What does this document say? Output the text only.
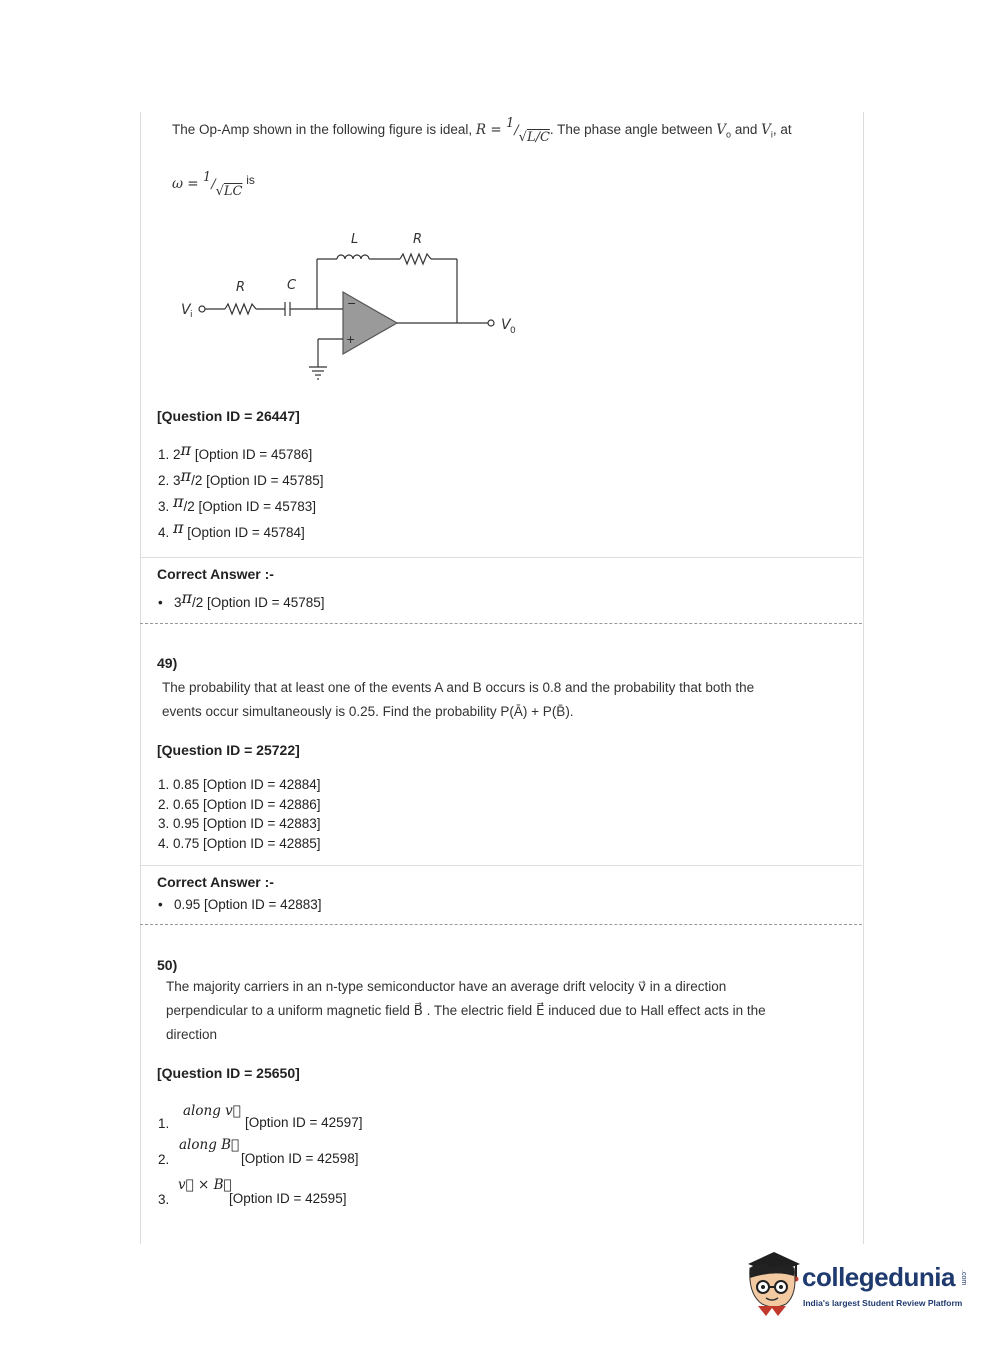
The Op-Amp shown in the following figure is ideal, R = 1/√L/C. The phase angle between $V_o$ and $V_i$, at
ω = 1/√LC is
L	R
R	C
V i
V 0
−
+
[Question ID = 26447]
1. 2π [Option ID = 45786]
2. 3π/2 [Option ID = 45785]
3. π/2 [Option ID = 45783]
4. π [Option ID = 45784]
Correct Answer :-
• 3π/2 [Option ID = 45785]
49)
The probability that at least one of the events A and B occurs is 0.8 and the probability that both the
events occur simultaneously is 0.25. Find the probability P(Ā) + P(B̄).
[Question ID = 25722]
1. 0.85 [Option ID = 42884]
2. 0.65 [Option ID = 42886]
3. 0.95 [Option ID = 42883]
4. 0.75 [Option ID = 42885]
Correct Answer :-
• 0.95 [Option ID = 42883]
50)
The majority carriers in an n-type semiconductor have an average drift velocity v⃗ in a direction
perpendicular to a uniform magnetic field B⃗ . The electric field E⃗ induced due to Hall effect acts in the
direction
[Question ID = 25650]
1.
along v⃗
[Option ID = 42597]
2.
along B⃗
[Option ID = 42598]
3.
v⃗ × B⃗
[Option ID = 42595]
collegedunia .com
India's largest Student Review Platform
